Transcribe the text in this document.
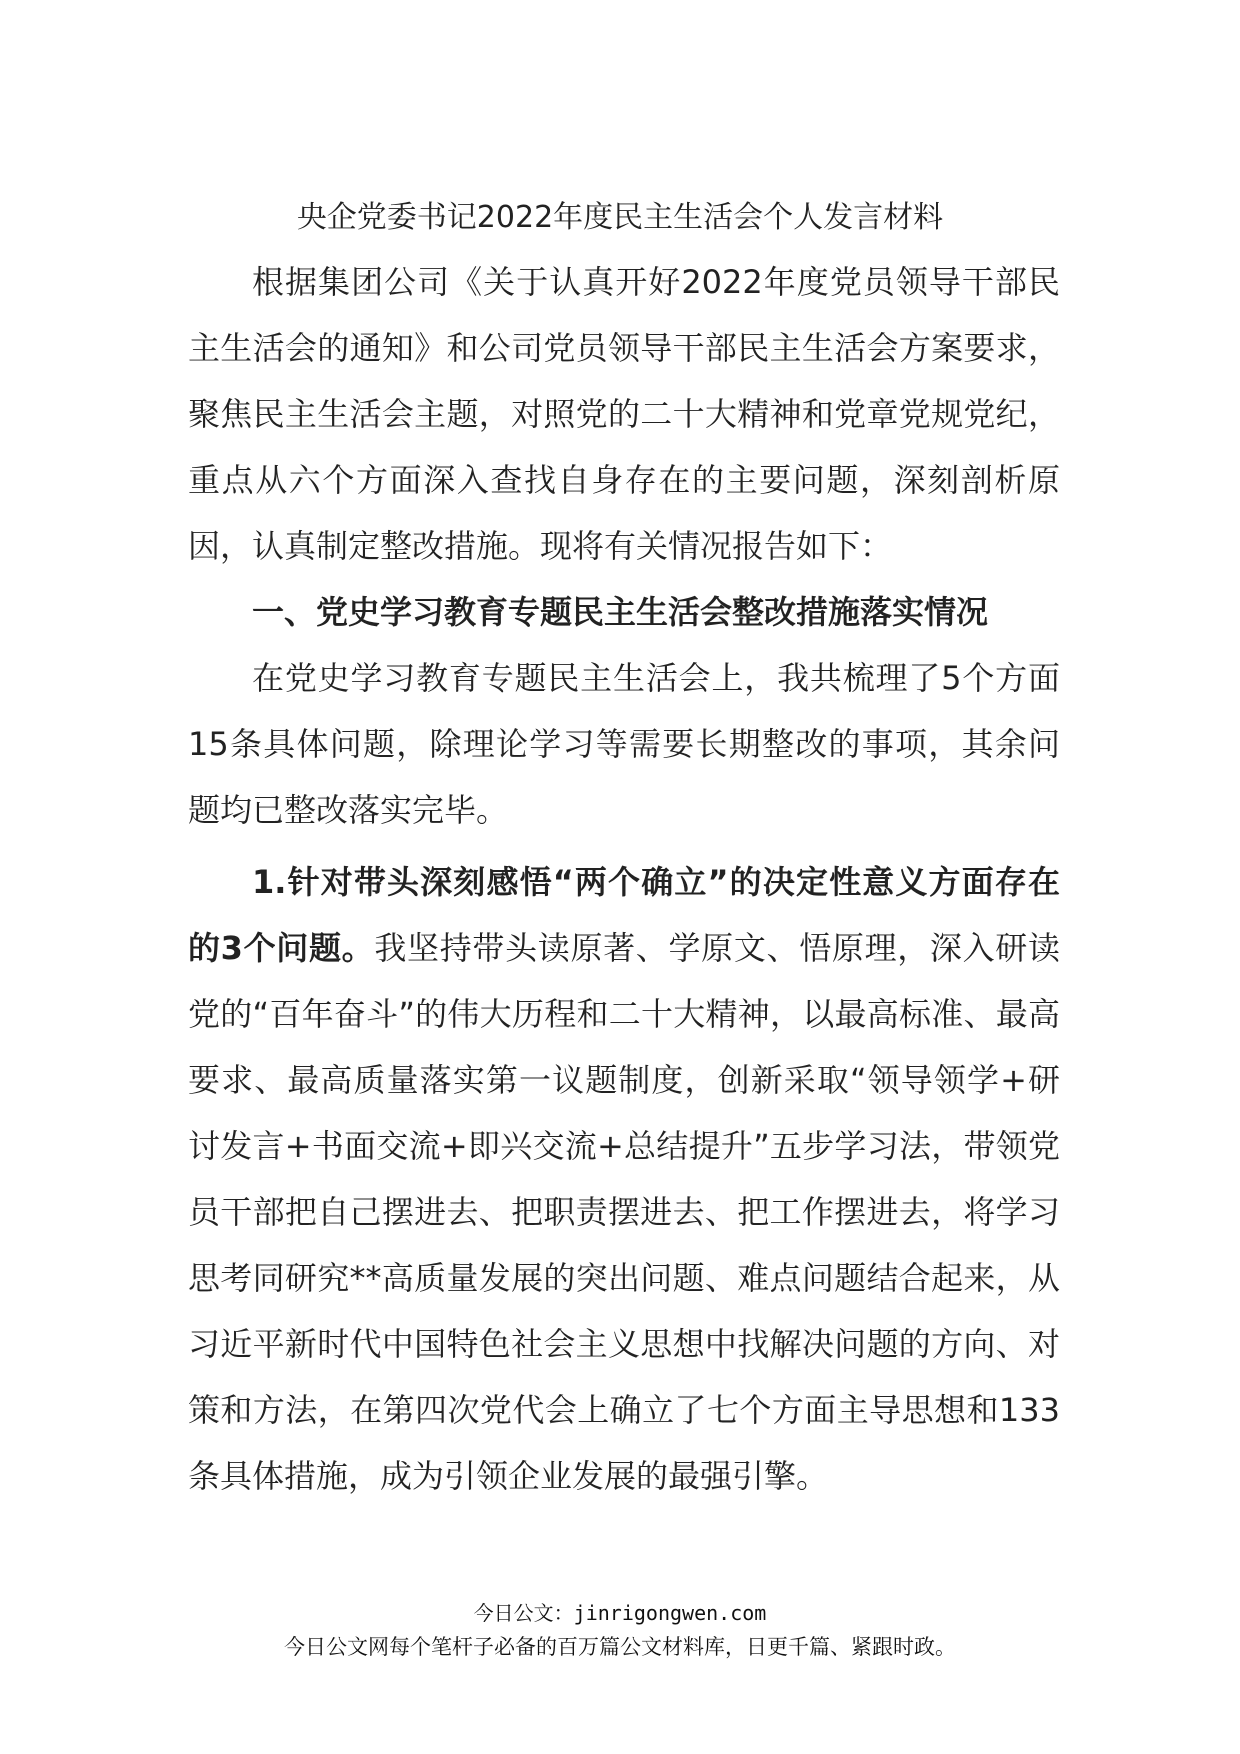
央企党委书记2022年度民主生活会个人发言材料

根据集团公司《关于认真开好2022年度党员领导干部民主生活会的通知》和公司党员领导干部民主生活会方案要求，聚焦民主生活会主题，对照党的二十大精神和党章党规党纪，重点从六个方面深入查找自身存在的主要问题，深刻剖析原因，认真制定整改措施。现将有关情况报告如下：

一、党史学习教育专题民主生活会整改措施落实情况

在党史学习教育专题民主生活会上，我共梳理了5个方面15条具体问题，除理论学习等需要长期整改的事项，其余问题均已整改落实完毕。

1.针对带头深刻感悟“两个确立”的决定性意义方面存在的3个问题。我坚持带头读原著、学原文、悟原理，深入研读党的“百年奋斗”的伟大历程和二十大精神，以最高标准、最高要求、最高质量落实第一议题制度，创新采取“领导领学+研讨发言+书面交流+即兴交流+总结提升”五步学习法，带领党员干部把自己摆进去、把职责摆进去、把工作摆进去，将学习思考同研究**高质量发展的突出问题、难点问题结合起来，从习近平新时代中国特色社会主义思想中找解决问题的方向、对策和方法，在第四次党代会上确立了七个方面主导思想和133条具体措施，成为引领企业发展的最强引擎。

今日公文：jinrigongwen.com
今日公文网每个笔杆子必备的百万篇公文材料库，日更千篇、紧跟时政。
